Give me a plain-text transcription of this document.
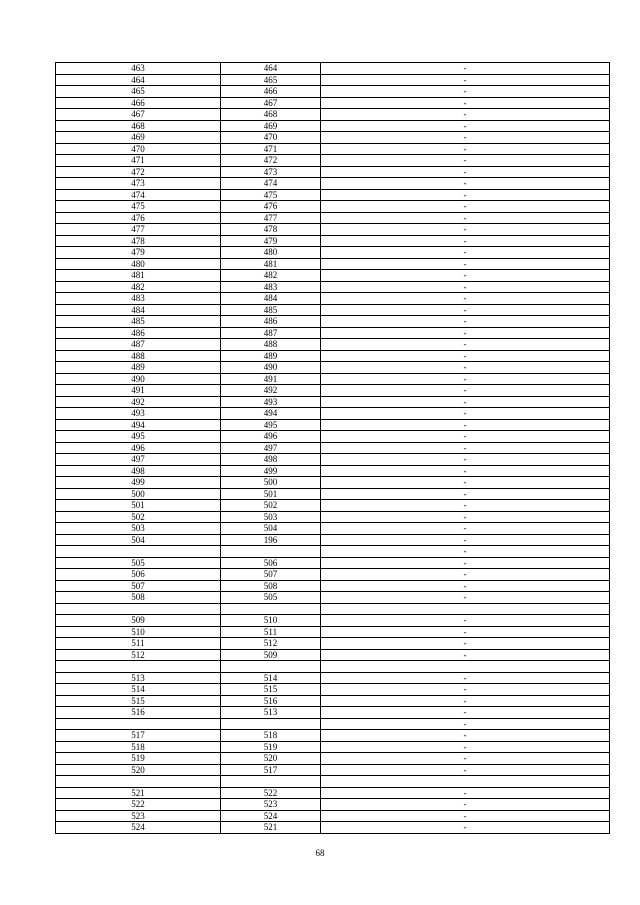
463	464	-
464	465	-
465	466	-
466	467	-
467	468	-
468	469	-
469	470	-
470	471	-
471	472	-
472	473	-
473	474	-
474	475	-
475	476	-
476	477	-
477	478	-
478	479	-
479	480	-
480	481	-
481	482	-
482	483	-
483	484	-
484	485	-
485	486	-
486	487	-
487	488	-
488	489	-
489	490	-
490	491	-
491	492	-
492	493	-
493	494	-
494	495	-
495	496	-
496	497	-
497	498	-
498	499	-
499	500	-
500	501	-
501	502	-
502	503	-
503	504	-
504	196	-
		-
505	506	-
506	507	-
507	508	-
508	505	-

509	510	-
510	511	-
511	512	-
512	509	-

513	514	-
514	515	-
515	516	-
516	513	-
		-
517	518	-
518	519	-
519	520	-
520	517	-

521	522	-
522	523	-
523	524	-
524	521	-
68
